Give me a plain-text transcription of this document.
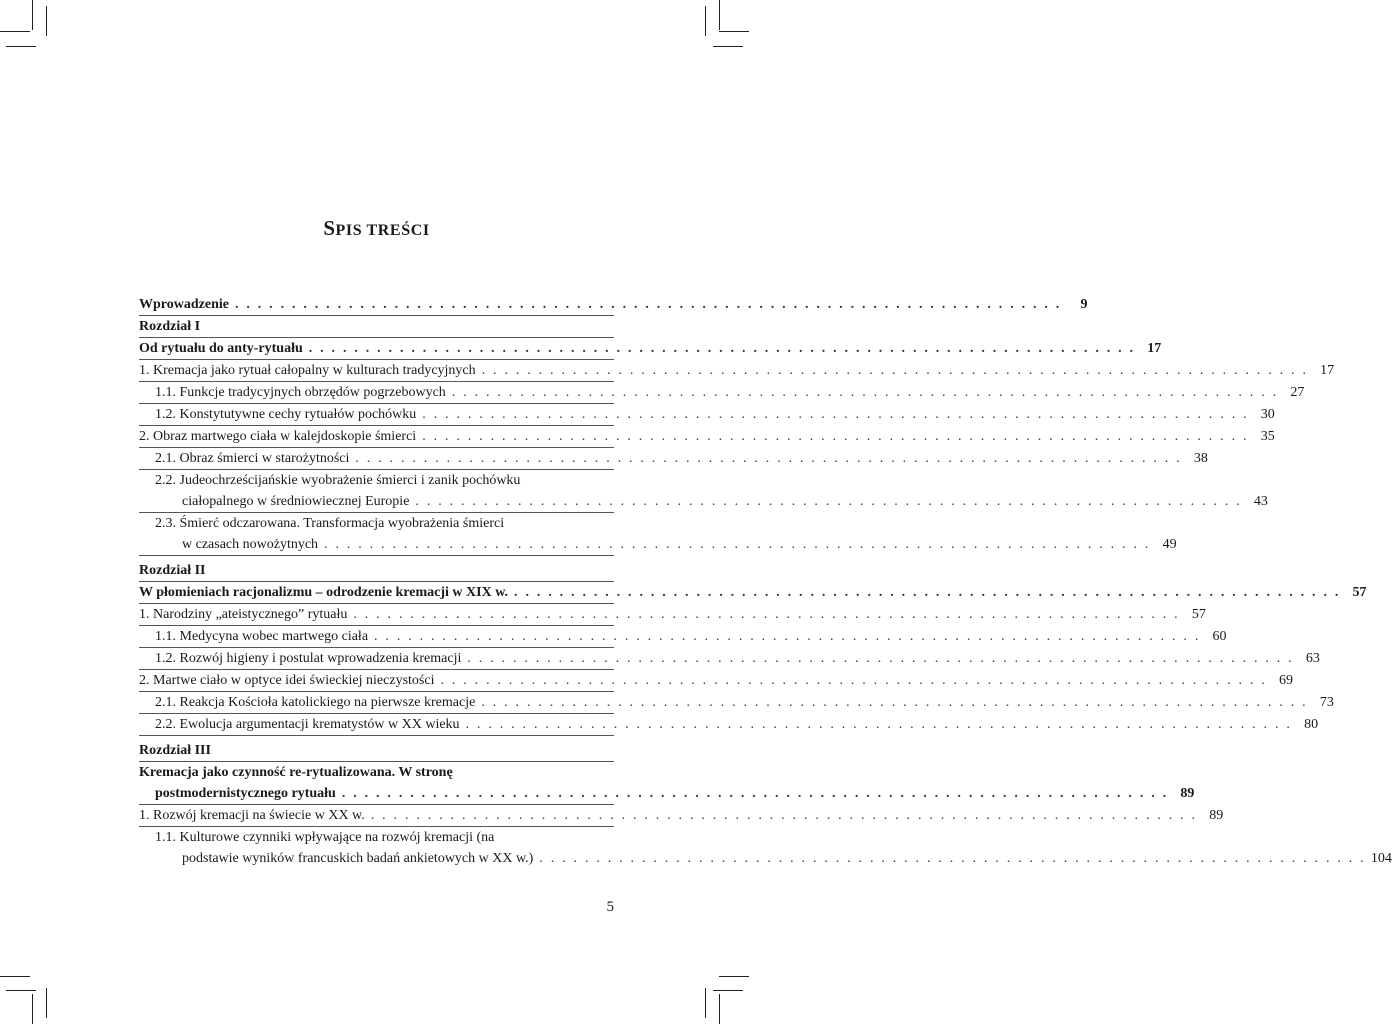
SPIS TREŚCI
Wprowadzenie . . . . . . . . . . . . . . . . . . . . . . . . . . . . . . . . . . . . . . . . . . . . . . . . . . . . . . . . . . . . . . . . . . . . . . . . .	9
Rozdział I
Od rytuału do anty-rytuału . . . . . . . . . . . . . . . . . . . . . . . . . . . . . . . . . . . . . . . . . . . . . . . . . . . . . . . . . . . . . . . . . . . . . . . . . 17
1. Kremacja jako rytuał całopalny w kulturach tradycyjnych . . . . . . . . . . . . . . . . . . . . . . . . . . . . . . . . . . . . . . . . . . . . . . . . . . . . . . . . . . . . . . . . . . . . . . . . . 17
1.1. Funkcje tradycyjnych obrzędów pogrzebowych . . . . . . . . . . . . . . . . . . . . . . . . . . . . . . . . . . . . . . . . . . . . . . . . . . . . . . . . . . . . . . . . . . . . . . . . . 27
1.2. Konstytutywne cechy rytuałów pochówku . . . . . . . . . . . . . . . . . . . . . . . . . . . . . . . . . . . . . . . . . . . . . . . . . . . . . . . . . . . . . . . . . . . . . . . . . 30
2. Obraz martwego ciała w kalejdoskopie śmierci . . . . . . . . . . . . . . . . . . . . . . . . . . . . . . . . . . . . . . . . . . . . . . . . . . . . . . . . . . . . . . . . . . . . . . . . . 35
2.1. Obraz śmierci w starożytności . . . . . . . . . . . . . . . . . . . . . . . . . . . . . . . . . . . . . . . . . . . . . . . . . . . . . . . . . . . . . . . . . . . . . . . . . 38
2.2. Judeochrześcijańskie wyobrażenie śmierci i zanik pochówku
ciałopalnego w średniowiecznej Europie . . . . . . . . . . . . . . . . . . . . . . . . . . . . . . . . . . . . . . . . . . . . . . . . . . . . . . . . . . . . . . . . . . . . . . . . . 43
2.3. Śmierć odczarowana. Transformacja wyobrażenia śmierci
w czasach nowożytnych . . . . . . . . . . . . . . . . . . . . . . . . . . . . . . . . . . . . . . . . . . . . . . . . . . . . . . . . . . . . . . . . . . . . . . . . . 49
Rozdział II
W płomieniach racjonalizmu – odrodzenie kremacji w XIX w. . . . . . . . . . . . . . . . . . . . . . . . . . . . . . . . . . . . . . . . . . . . . . . . . . . . . . . . . . . . . . . . . . . . . . . . . . 57
1. Narodziny „ateistycznego” rytuału . . . . . . . . . . . . . . . . . . . . . . . . . . . . . . . . . . . . . . . . . . . . . . . . . . . . . . . . . . . . . . . . . . . . . . . . . 57
1.1. Medycyna wobec martwego ciała . . . . . . . . . . . . . . . . . . . . . . . . . . . . . . . . . . . . . . . . . . . . . . . . . . . . . . . . . . . . . . . . . . . . . . . . . 60
1.2. Rozwój higieny i postulat wprowadzenia kremacji . . . . . . . . . . . . . . . . . . . . . . . . . . . . . . . . . . . . . . . . . . . . . . . . . . . . . . . . . . . . . . . . . . . . . . . . . 63
2. Martwe ciało w optyce idei świeckiej nieczystości . . . . . . . . . . . . . . . . . . . . . . . . . . . . . . . . . . . . . . . . . . . . . . . . . . . . . . . . . . . . . . . . . . . . . . . . . 69
2.1. Reakcja Kościoła katolickiego na pierwsze kremacje . . . . . . . . . . . . . . . . . . . . . . . . . . . . . . . . . . . . . . . . . . . . . . . . . . . . . . . . . . . . . . . . . . . . . . . . . 73
2.2. Ewolucja argumentacji krematystów w XX wieku . . . . . . . . . . . . . . . . . . . . . . . . . . . . . . . . . . . . . . . . . . . . . . . . . . . . . . . . . . . . . . . . . . . . . . . . . 80
Rozdział III
Kremacja jako czynność re-rytualizowana. W stronę
postmodernistycznego rytuału . . . . . . . . . . . . . . . . . . . . . . . . . . . . . . . . . . . . . . . . . . . . . . . . . . . . . . . . . . . . . . . . . . . . . . . . . 89
1. Rozwój kremacji na świecie w XX w. . . . . . . . . . . . . . . . . . . . . . . . . . . . . . . . . . . . . . . . . . . . . . . . . . . . . . . . . . . . . . . . . . . . . . . . . . 89
1.1. Kulturowe czynniki wpływające na rozwój kremacji (na
podstawie wyników francuskich badań ankietowych w XX w.) . . . . . . . . . . . . . . . . . . . . . . . . . . . . . . . . . . . . . . . . . . . . . . . . . . . . . . . . . . . . . . . . . . . . . . . . . 104
5
